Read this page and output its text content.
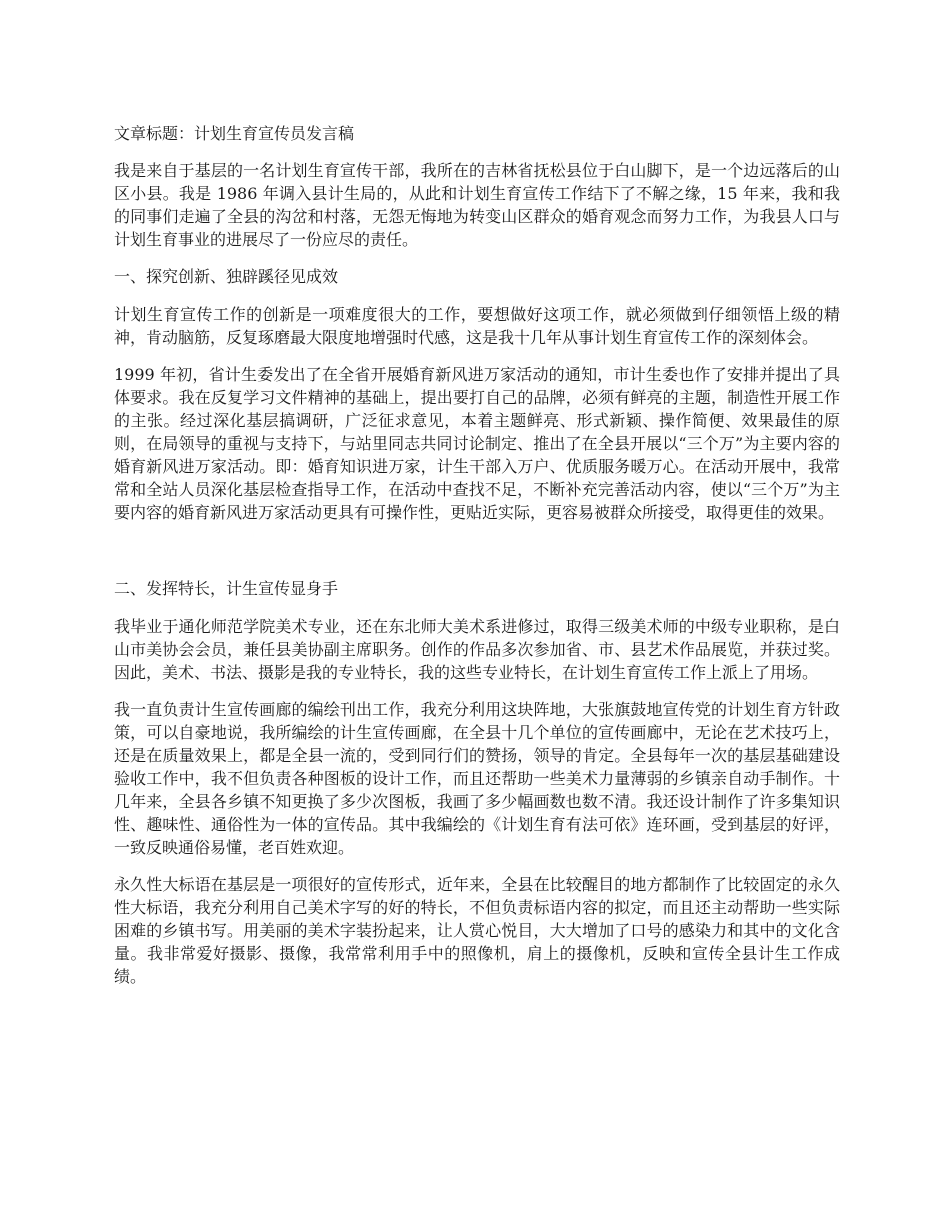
文章标题：计划生育宣传员发言稿
我是来自于基层的一名计划生育宣传干部，我所在的吉林省抚松县位于白山脚下，是一个边远落后的山区小县。我是 1986 年调入县计生局的，从此和计划生育宣传工作结下了不解之缘，15 年来，我和我的同事们走遍了全县的沟岔和村落，无怨无悔地为转变山区群众的婚育观念而努力工作，为我县人口与计划生育事业的进展尽了一份应尽的责任。
一、探究创新、独辟蹊径见成效
计划生育宣传工作的创新是一项难度很大的工作，要想做好这项工作，就必须做到仔细领悟上级的精神，肯动脑筋，反复琢磨最大限度地增强时代感，这是我十几年从事计划生育宣传工作的深刻体会。
1999 年初，省计生委发出了在全省开展婚育新风进万家活动的通知，市计生委也作了安排并提出了具体要求。我在反复学习文件精神的基础上，提出要打自己的品牌，必须有鲜亮的主题，制造性开展工作的主张。经过深化基层搞调研，广泛征求意见，本着主题鲜亮、形式新颖、操作简便、效果最佳的原则，在局领导的重视与支持下，与站里同志共同讨论制定、推出了在全县开展以“三个万”为主要内容的婚育新风进万家活动。即：婚育知识进万家，计生干部入万户、优质服务暖万心。在活动开展中，我常常和全站人员深化基层检查指导工作，在活动中查找不足，不断补充完善活动内容，使以“三个万”为主要内容的婚育新风进万家活动更具有可操作性，更贴近实际，更容易被群众所接受，取得更佳的效果。
二、发挥特长，计生宣传显身手
我毕业于通化师范学院美术专业，还在东北师大美术系进修过，取得三级美术师的中级专业职称，是白山市美协会会员，兼任县美协副主席职务。创作的作品多次参加省、市、县艺术作品展览，并获过奖。因此，美术、书法、摄影是我的专业特长，我的这些专业特长，在计划生育宣传工作上派上了用场。
我一直负责计生宣传画廊的编绘刊出工作，我充分利用这块阵地，大张旗鼓地宣传党的计划生育方针政策，可以自豪地说，我所编绘的计生宣传画廊，在全县十几个单位的宣传画廊中，无论在艺术技巧上，还是在质量效果上，都是全县一流的，受到同行们的赞扬，领导的肯定。全县每年一次的基层基础建设验收工作中，我不但负责各种图板的设计工作，而且还帮助一些美术力量薄弱的乡镇亲自动手制作。十几年来，全县各乡镇不知更换了多少次图板，我画了多少幅画数也数不清。我还设计制作了许多集知识性、趣味性、通俗性为一体的宣传品。其中我编绘的《计划生育有法可依》连环画，受到基层的好评，一致反映通俗易懂，老百姓欢迎。
永久性大标语在基层是一项很好的宣传形式，近年来，全县在比较醒目的地方都制作了比较固定的永久性大标语，我充分利用自己美术字写的好的特长，不但负责标语内容的拟定，而且还主动帮助一些实际困难的乡镇书写。用美丽的美术字装扮起来，让人赏心悦目，大大增加了口号的感染力和其中的文化含量。我非常爱好摄影、摄像，我常常利用手中的照像机，肩上的摄像机，反映和宣传全县计生工作成绩。
